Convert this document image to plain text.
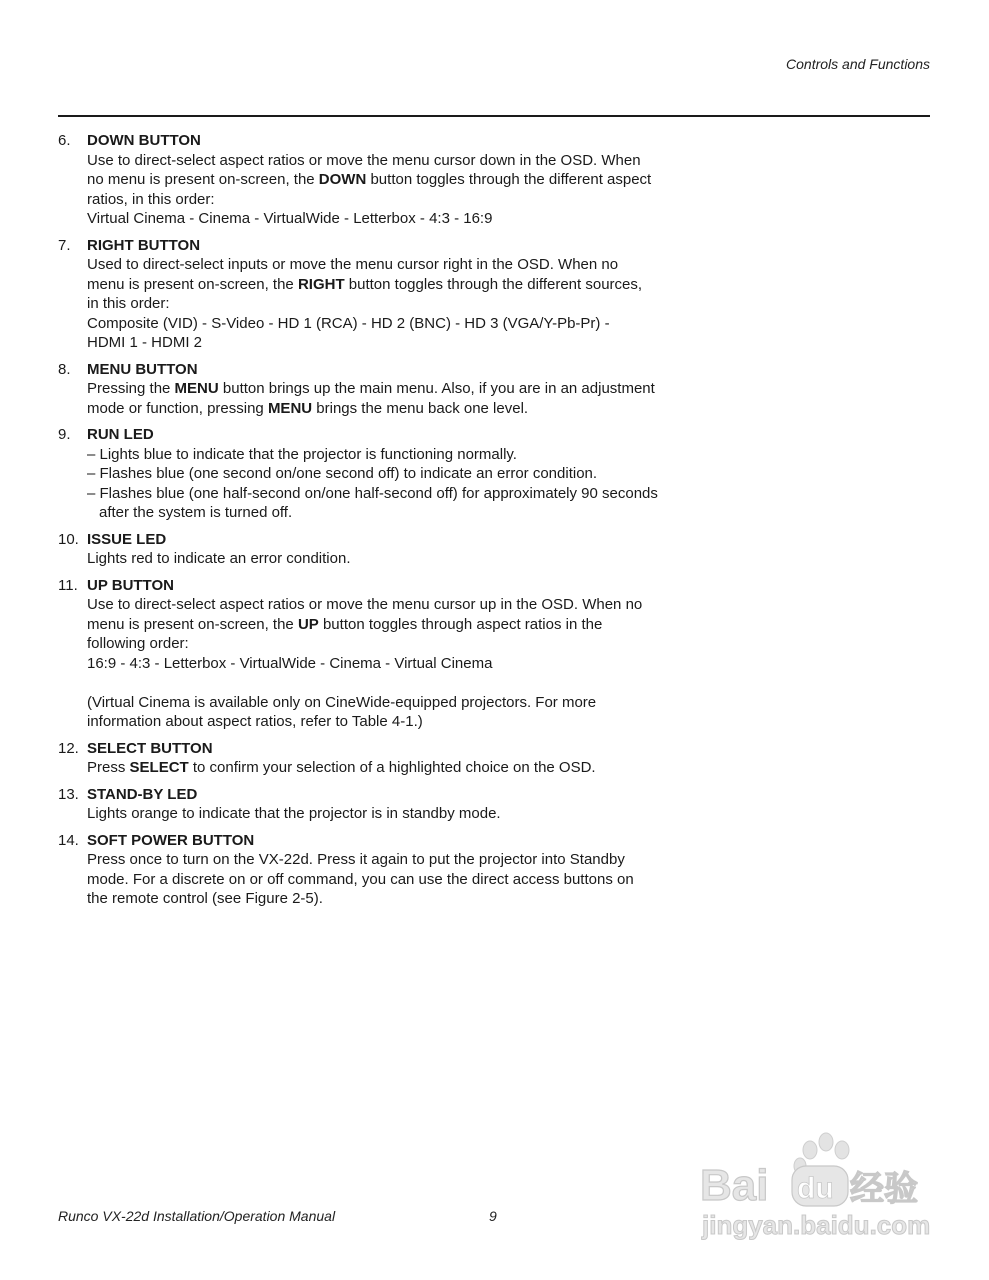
Controls and Functions
6. DOWN BUTTON
Use to direct-select aspect ratios or move the menu cursor down in the OSD. When
no menu is present on-screen, the DOWN button toggles through the different aspect
ratios, in this order:
Virtual Cinema - Cinema - VirtualWide - Letterbox - 4:3 - 16:9
7. RIGHT BUTTON
Used to direct-select inputs or move the menu cursor right in the OSD. When no
menu is present on-screen, the RIGHT button toggles through the different sources,
in this order:
Composite (VID) - S-Video - HD 1 (RCA) - HD 2 (BNC) - HD 3 (VGA/Y-Pb-Pr) -
HDMI 1 - HDMI 2
8. MENU BUTTON
Pressing the MENU button brings up the main menu. Also, if you are in an adjustment
mode or function, pressing MENU brings the menu back one level.
9. RUN LED
– Lights blue to indicate that the projector is functioning normally.
– Flashes blue (one second on/one second off) to indicate an error condition.
– Flashes blue (one half-second on/one half-second off) for approximately 90 seconds after the system is turned off.
10. ISSUE LED
Lights red to indicate an error condition.
11. UP BUTTON
Use to direct-select aspect ratios or move the menu cursor up in the OSD. When no
menu is present on-screen, the UP button toggles through aspect ratios in the
following order:
16:9 - 4:3 - Letterbox - VirtualWide - Cinema - Virtual Cinema
(Virtual Cinema is available only on CineWide-equipped projectors. For more
information about aspect ratios, refer to Table 4-1.)
12. SELECT BUTTON
Press SELECT to confirm your selection of a highlighted choice on the OSD.
13. STAND-BY LED
Lights orange to indicate that the projector is in standby mode.
14. SOFT POWER BUTTON
Press once to turn on the VX-22d. Press it again to put the projector into Standby
mode. For a discrete on or off command, you can use the direct access buttons on
the remote control (see Figure 2-5).
Runco VX-22d Installation/Operation Manual	9
Bai du 经验
jingyan.baidu.com
